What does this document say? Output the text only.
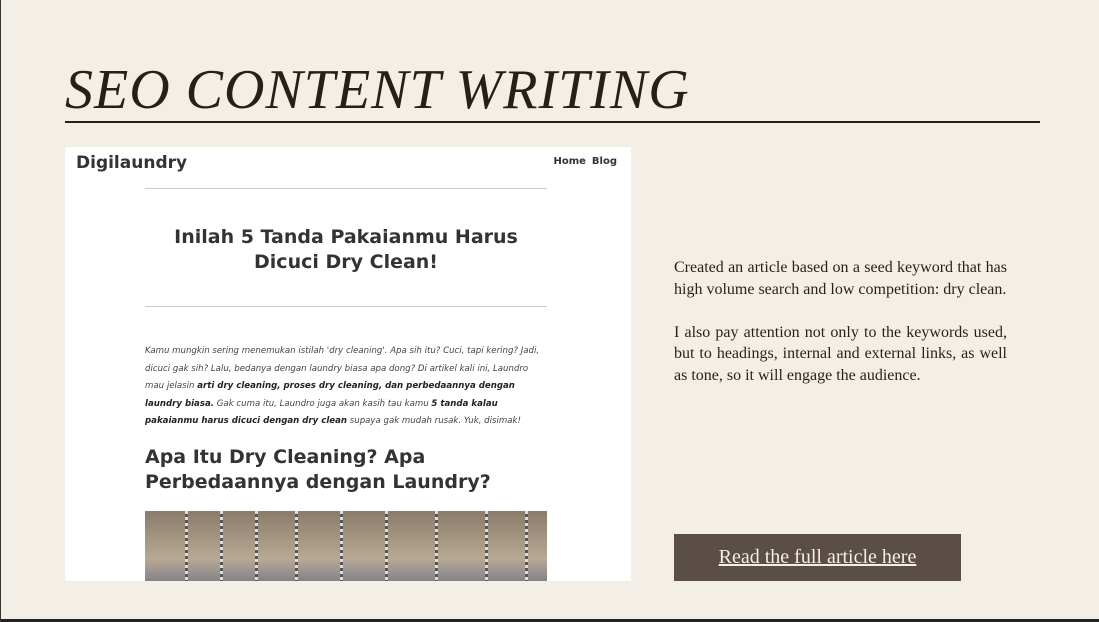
SEO CONTENT WRITING
Digilaundry	Home Blog
Inilah 5 Tanda Pakaianmu Harus Dicuci Dry Clean!
Kamu mungkin sering menemukan istilah 'dry cleaning'. Apa sih itu? Cuci, tapi kering? Jadi, dicuci gak sih? Lalu, bedanya dengan laundry biasa apa dong? Di artikel kali ini, Laundro mau jelasin arti dry cleaning, proses dry cleaning, dan perbedaannya dengan laundry biasa. Gak cuma itu, Laundro juga akan kasih tau kamu 5 tanda kalau pakaianmu harus dicuci dengan dry clean supaya gak mudah rusak. Yuk, disimak!
Apa Itu Dry Cleaning? Apa Perbedaannya dengan Laundry?

Created an article based on a seed keyword that has high volume search and low competition: dry clean.

I also pay attention not only to the keywords used, but to headings, internal and external links, as well as tone, so it will engage the audience.

Read the full article here
